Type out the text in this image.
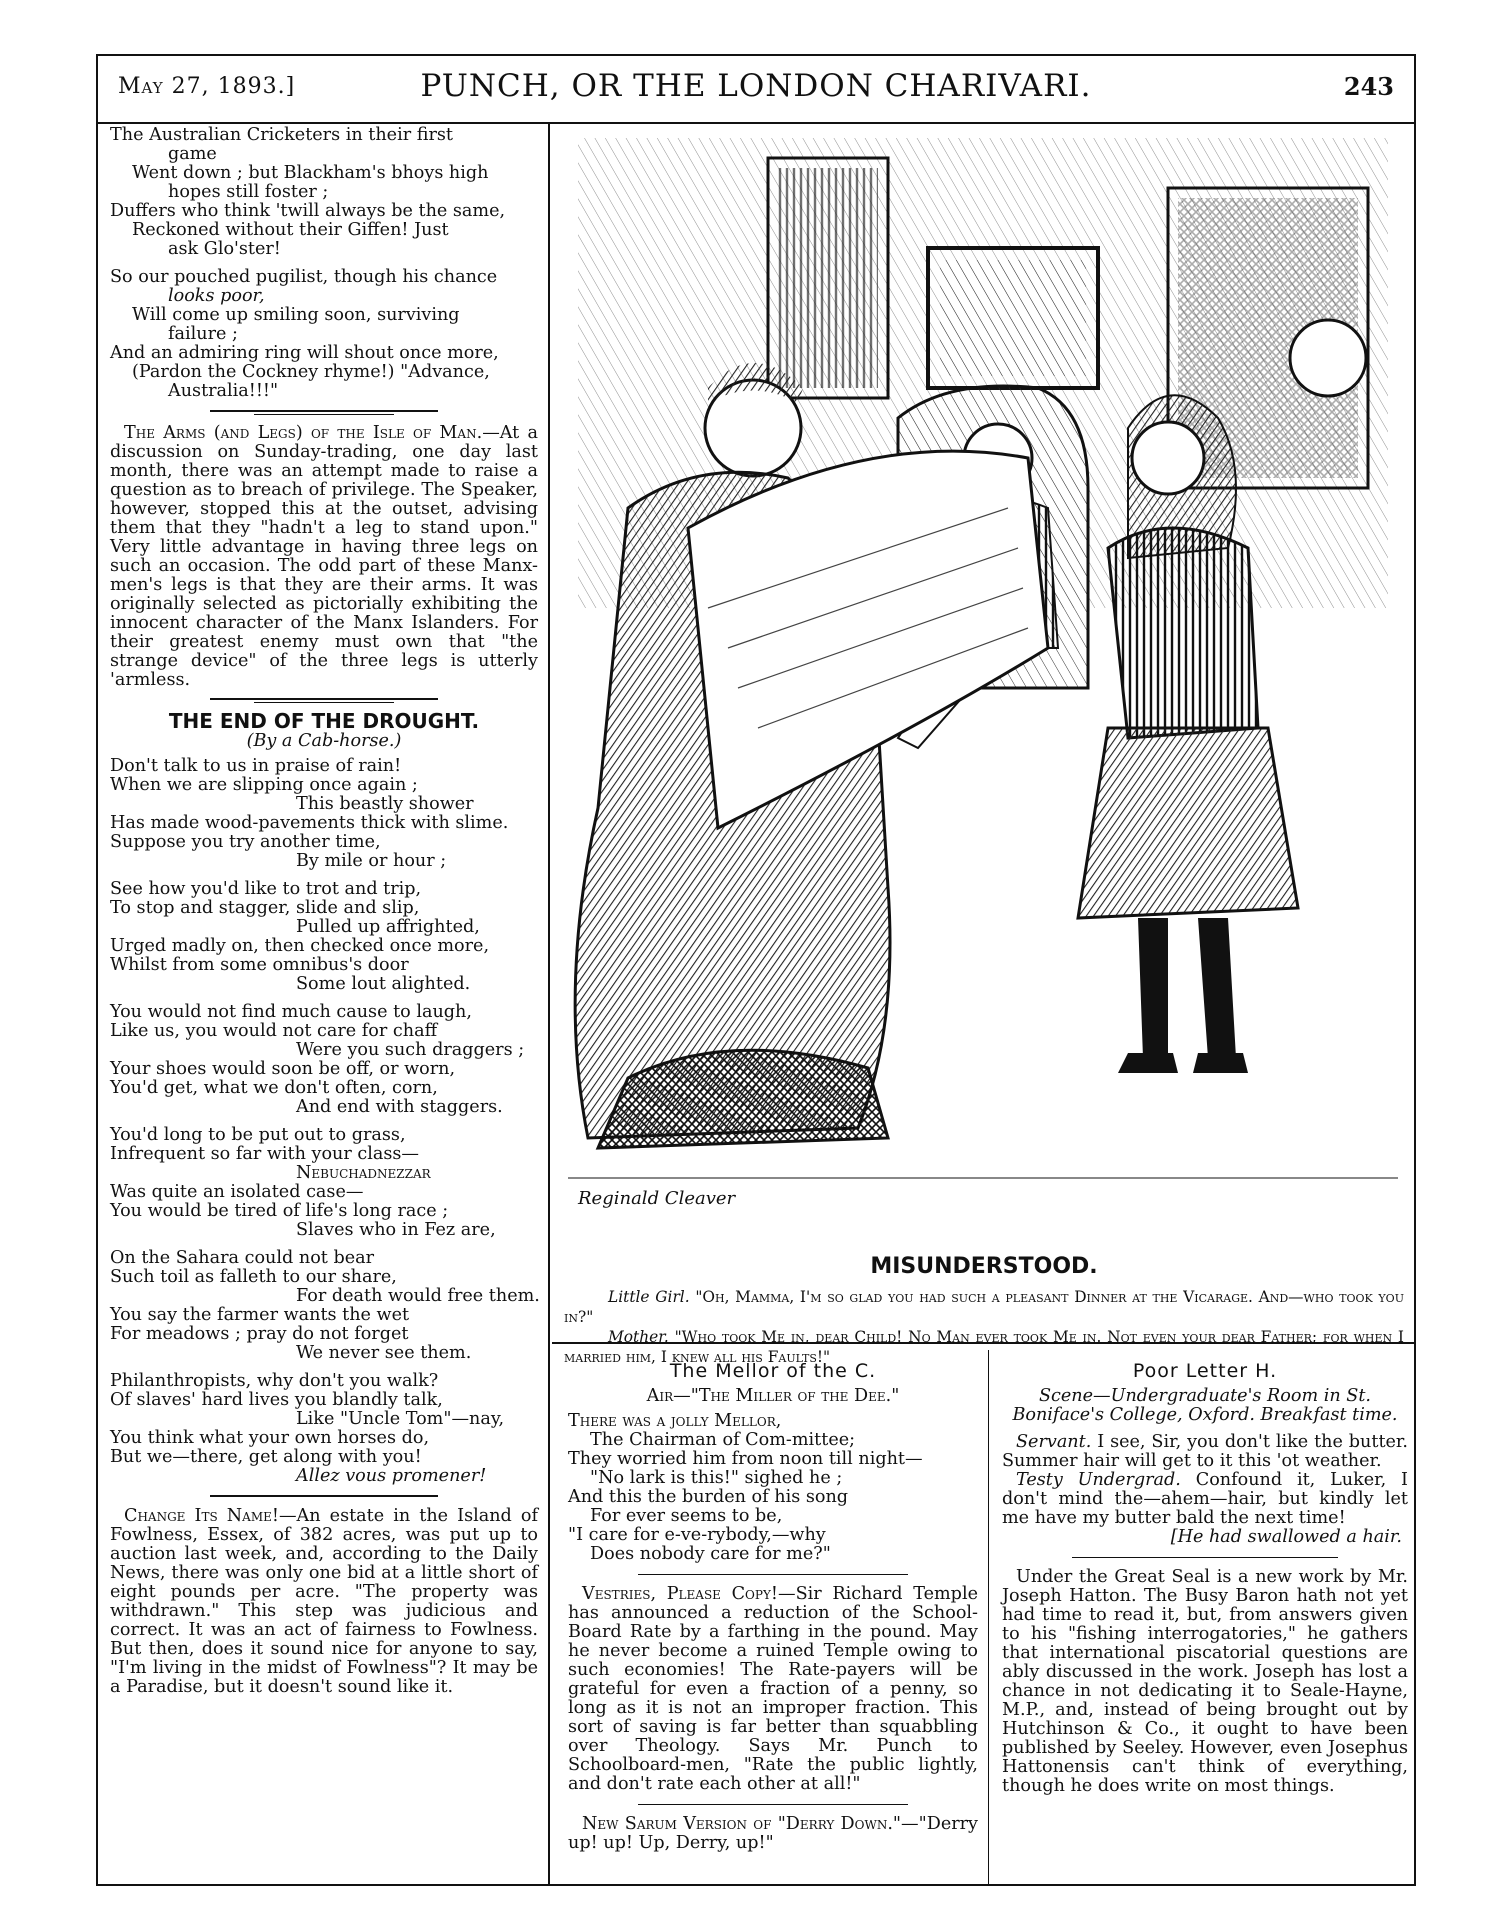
May 27, 1893.]	PUNCH, OR THE LONDON CHARIVARI.	243
The Australian Cricketers in their first
game
Went down ; but Blackham's bhoys high
hopes still foster ;
Duffers who think 'twill always be the same,
Reckoned without their Giffen! Just
ask Glo'ster!
So our pouched pugilist, though his chance
looks poor,
Will come up smiling soon, surviving
failure ;
And an admiring ring will shout once more,
(Pardon the Cockney rhyme!) "Advance,
Australia!!!"

The Arms (and Legs) of the Isle of Man.—At a discussion on Sunday-trading, one day last month, there was an attempt made to raise a question as to breach of privilege. The Speaker, however, stopped this at the outset, advising them that they "hadn't a leg to stand upon." Very little advantage in having three legs on such an occasion. The odd part of these Manx-men's legs is that they are their arms. It was originally selected as pictorially exhibiting the innocent character of the Manx Islanders. For their greatest enemy must own that "the strange device" of the three legs is utterly 'armless.

THE END OF THE DROUGHT.
(By a Cab-horse.)
Don't talk to us in praise of rain!
When we are slipping once again ;
This beastly shower
Has made wood-pavements thick with slime.
Suppose you try another time,
By mile or hour ;
See how you'd like to trot and trip,
To stop and stagger, slide and slip,
Pulled up affrighted,
Urged madly on, then checked once more,
Whilst from some omnibus's door
Some lout alighted.
You would not find much cause to laugh,
Like us, you would not care for chaff
Were you such draggers ;
Your shoes would soon be off, or worn,
You'd get, what we don't often, corn,
And end with staggers.
You'd long to be put out to grass,
Infrequent so far with your class—
Nebuchadnezzar
Was quite an isolated case—
You would be tired of life's long race ;
Slaves who in Fez are,
On the Sahara could not bear
Such toil as falleth to our share,
For death would free them.
You say the farmer wants the wet
For meadows ; pray do not forget
We never see them.
Philanthropists, why don't you walk?
Of slaves' hard lives you blandly talk,
Like "Uncle Tom"—nay,
You think what your own horses do,
But we—there, get along with you!
Allez vous promener!

Change Its Name!—An estate in the Island of Fowlness, Essex, of 382 acres, was put up to auction last week, and, according to the Daily News, there was only one bid at a little short of eight pounds per acre. "The property was withdrawn." This step was judicious and correct. It was an act of fairness to Fowlness. But then, does it sound nice for anyone to say, "I'm living in the midst of Fowlness"? It may be a Paradise, but it doesn't sound like it.

Reginald Cleaver
MISUNDERSTOOD.

Little Girl. "Oh, Mamma, I'm so glad you had such a pleasant Dinner at the Vicarage. And—who took you in?"

Mother. "Who took Me in, dear Child! No Man ever took Me in. Not even your dear Father; for when I married him, I knew all his Faults!"

The Mellor of the C.
Air—"The Miller of the Dee."
There was a jolly Mellor,
The Chairman of Com-mittee;
They worried him from noon till night—
"No lark is this!" sighed he ;
And this the burden of his song
For ever seems to be,
"I care for e-ve-rybody,—why
Does nobody care for me?"

Vestries, Please Copy!—Sir Richard Temple has announced a reduction of the School-Board Rate by a farthing in the pound. May he never become a ruined Temple owing to such economies! The Rate-payers will be grateful for even a fraction of a penny, so long as it is not an improper fraction. This sort of saving is far better than squabbling over Theology. Says Mr. Punch to Schoolboard-men, "Rate the public lightly, and don't rate each other at all!"

New Sarum Version of "Derry Down."—"Derry up! up! Up, Derry, up!"

Poor Letter H.
Scene—Undergraduate's Room in St. Boniface's College, Oxford. Breakfast time.

Servant. I see, Sir, you don't like the butter. Summer hair will get to it this 'ot weather.

Testy Undergrad. Confound it, Luker, I don't mind the—ahem—hair, but kindly let me have my butter bald the next time!

[He had swallowed a hair.

Under the Great Seal is a new work by Mr. Joseph Hatton. The Busy Baron hath not yet had time to read it, but, from answers given to his "fishing interrogatories," he gathers that international piscatorial questions are ably discussed in the work. Joseph has lost a chance in not dedicating it to Seale-Hayne, M.P., and, instead of being brought out by Hutchinson & Co., it ought to have been published by Seeley. However, even Josephus Hattonensis can't think of everything, though he does write on most things.
